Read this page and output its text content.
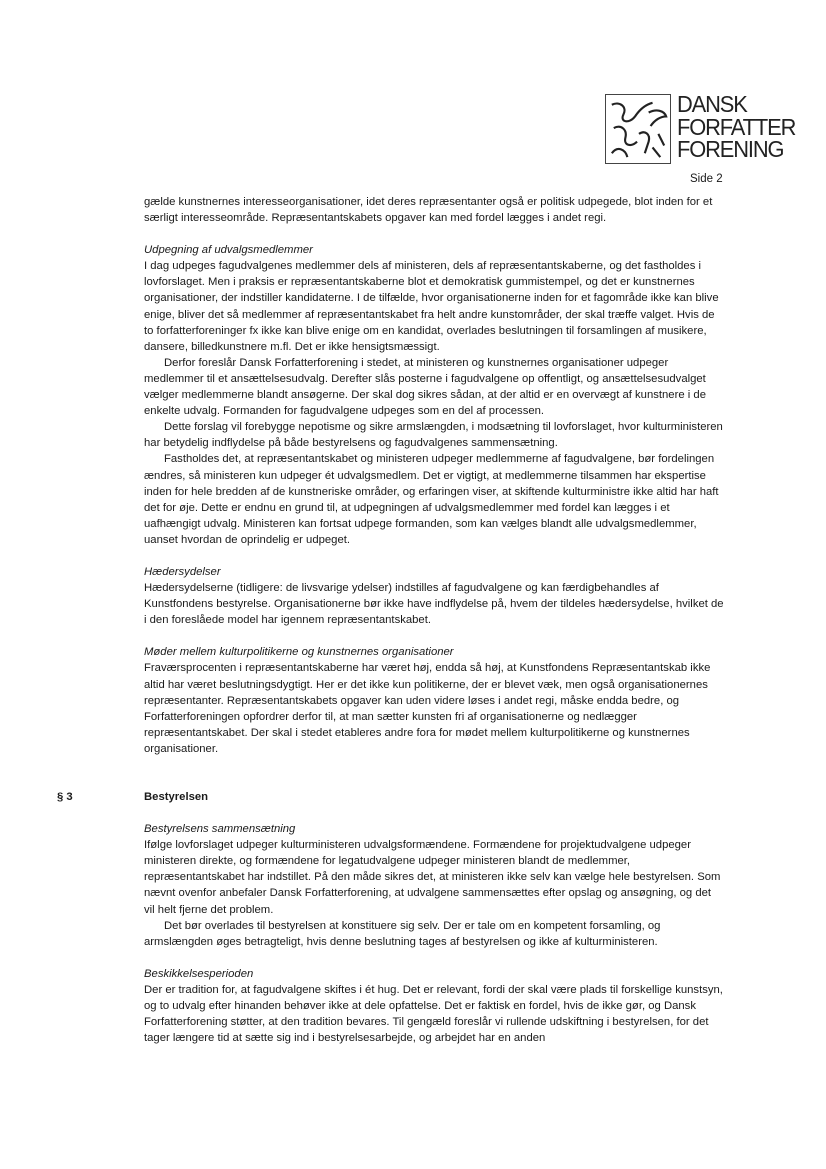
DANSK
FORFATTER
FORENING
Side 2

gælde kunstnernes interesseorganisationer, idet deres repræsentanter også er politisk udpegede, blot inden for et særligt interesseområde. Repræsentantskabets opgaver kan med fordel lægges i andet regi.

Udpegning af udvalgsmedlemmer

I dag udpeges fagudvalgenes medlemmer dels af ministeren, dels af repræsentantskaberne, og det fastholdes i lovforslaget. Men i praksis er repræsentantskaberne blot et demokratisk gummistempel, og det er kunstnernes organisationer, der indstiller kandidaterne. I de tilfælde, hvor organisationerne inden for et fagområde ikke kan blive enige, bliver det så medlemmer af repræsentantskabet fra helt andre kunstområder, der skal træffe valget. Hvis de to forfatterforeninger fx ikke kan blive enige om en kandidat, overlades beslutningen til forsamlingen af musikere, dansere, billedkunstnere m.fl. Det er ikke hensigtsmæssigt.

Derfor foreslår Dansk Forfatterforening i stedet, at ministeren og kunstnernes organisationer udpeger medlemmer til et ansættelsesudvalg. Derefter slås posterne i fagudvalgene op offentligt, og ansættelsesudvalget vælger medlemmerne blandt ansøgerne. Der skal dog sikres sådan, at der altid er en overvægt af kunstnere i de enkelte udvalg. Formanden for fagudvalgene udpeges som en del af processen.

Dette forslag vil forebygge nepotisme og sikre armslængden, i modsætning til lovforslaget, hvor kulturministeren har betydelig indflydelse på både bestyrelsens og fagudvalgenes sammensætning.

Fastholdes det, at repræsentantskabet og ministeren udpeger medlemmerne af fagudvalgene, bør fordelingen ændres, så ministeren kun udpeger ét udvalgsmedlem. Det er vigtigt, at medlemmerne tilsammen har ekspertise inden for hele bredden af de kunstneriske områder, og erfaringen viser, at skiftende kulturministre ikke altid har haft det for øje. Dette er endnu en grund til, at udpegningen af udvalgsmedlemmer med fordel kan lægges i et uafhængigt udvalg. Ministeren kan fortsat udpege formanden, som kan vælges blandt alle udvalgsmedlemmer, uanset hvordan de oprindelig er udpeget.

Hædersydelser

Hædersydelserne (tidligere: de livsvarige ydelser) indstilles af fagudvalgene og kan færdigbehandles af Kunstfondens bestyrelse. Organisationerne bør ikke have indflydelse på, hvem der tildeles hædersydelse, hvilket de i den foreslåede model har igennem repræsentantskabet.

Møder mellem kulturpolitikerne og kunstnernes organisationer

Fraværsprocenten i repræsentantskaberne har været høj, endda så høj, at Kunstfondens Repræsentantskab ikke altid har været beslutningsdygtigt. Her er det ikke kun politikerne, der er blevet væk, men også organisationernes repræsentanter. Repræsentantskabets opgaver kan uden videre løses i andet regi, måske endda bedre, og Forfatterforeningen opfordrer derfor til, at man sætter kunsten fri af organisationerne og nedlægger repræsentantskabet. Der skal i stedet etableres andre fora for mødet mellem kulturpolitikerne og kunstnernes organisationer.

§ 3	Bestyrelsen

Bestyrelsens sammensætning

Ifølge lovforslaget udpeger kulturministeren udvalgsformændene. Formændene for projektudvalgene udpeger ministeren direkte, og formændene for legatudvalgene udpeger ministeren blandt de medlemmer, repræsentantskabet har indstillet. På den måde sikres det, at ministeren ikke selv kan vælge hele bestyrelsen. Som nævnt ovenfor anbefaler Dansk Forfatterforening, at udvalgene sammensættes efter opslag og ansøgning, og det vil helt fjerne det problem.

Det bør overlades til bestyrelsen at konstituere sig selv. Der er tale om en kompetent forsamling, og armslængden øges betragteligt, hvis denne beslutning tages af bestyrelsen og ikke af kulturministeren.

Beskikkelsesperioden

Der er tradition for, at fagudvalgene skiftes i ét hug. Det er relevant, fordi der skal være plads til forskellige kunstsyn, og to udvalg efter hinanden behøver ikke at dele opfattelse. Det er faktisk en fordel, hvis de ikke gør, og Dansk Forfatterforening støtter, at den tradition bevares. Til gengæld foreslår vi rullende udskiftning i bestyrelsen, for det tager længere tid at sætte sig ind i bestyrelsesarbejde, og arbejdet har en anden
